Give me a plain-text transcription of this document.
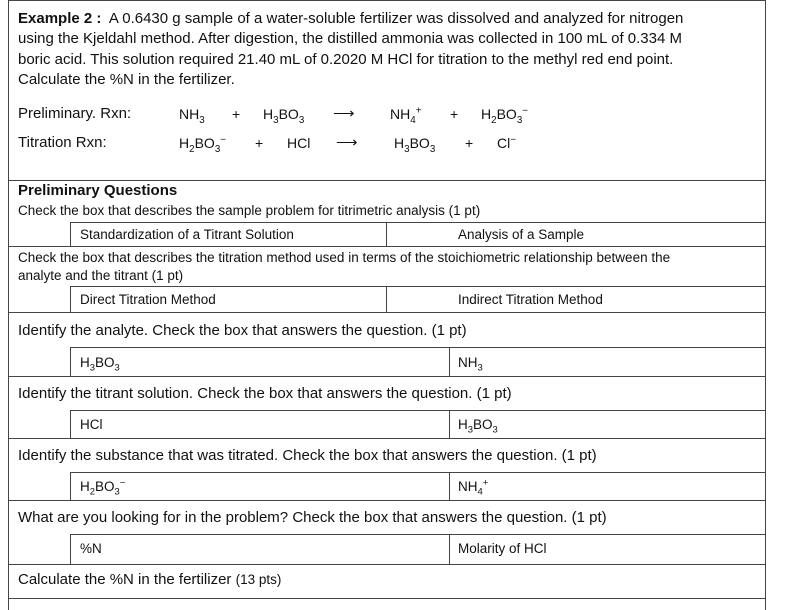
Example 2 : A 0.6430 g sample of a water-soluble fertilizer was dissolved and analyzed for nitrogen
using the Kjeldahl method. After digestion, the distilled ammonia was collected in 100 mL of 0.334 M
boric acid. This solution required 21.40 mL of 0.2020 M HCl for titration to the methyl red end point.
Calculate the %N in the fertilizer.
Preliminary. Rxn:	$NH_3 + H_3BO_3$ ⟶	$NH_4^+ + H_2BO_3^-$
Titration Rxn:	$H_2BO_3^-$ + HCl ⟶	$H_3BO_3 + Cl^-$
Preliminary Questions
Check the box that describes the sample problem for titrimetric analysis (1 pt)
Standardization of a Titrant Solution	Analysis of a Sample
Check the box that describes the titration method used in terms of the stoichiometric relationship between the
analyte and the titrant (1 pt)
Direct Titration Method	Indirect Titration Method
Identify the analyte. Check the box that answers the question. (1 pt)
$H_3BO_3$	$NH_3$
Identify the titrant solution. Check the box that answers the question. (1 pt)
HCl	$H_3BO_3$
Identify the substance that was titrated. Check the box that answers the question. (1 pt)
$H_2BO_3^-$	$NH_4^+$
What are you looking for in the problem? Check the box that answers the question. (1 pt)
%N	Molarity of HCl
Calculate the %N in the fertilizer (13 pts)
